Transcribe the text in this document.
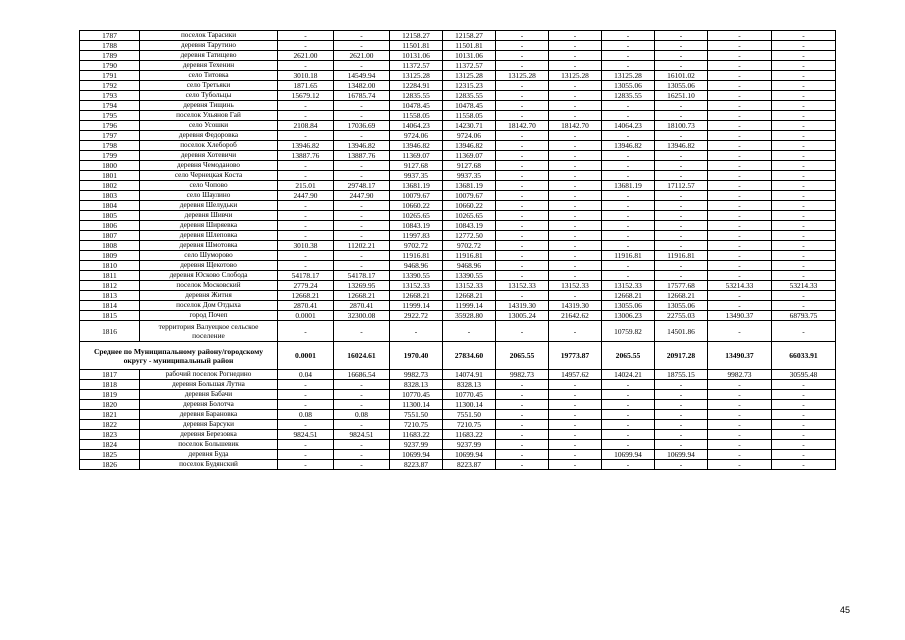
1787	поселок Тарасики	-	-	12158.27	12158.27	-	-	-	-	-	-
1788	деревня Тарутино	-	-	11501.81	11501.81	-	-	-	-	-	-
1789	деревня Татищево	2621.00	2621.00	10131.06	10131.06	-	-	-	-	-	-
1790	деревня Техенин	-	-	11372.57	11372.57	-	-	-	-	-	-
1791	село Титовка	3010.18	14549.94	13125.28	13125.28	13125.28	13125.28	13125.28	16101.02	-	-
1792	село Третьяки	1871.65	13482.00	12284.91	12315.23	-	-	13055.06	13055.06	-	-
1793	село Тубольцы	15679.12	16785.74	12835.55	12835.55	-	-	12835.55	16251.10	-	-
1794	деревня Тищинь	-	-	10478.45	10478.45	-	-	-	-	-	-
1795	поселок Ульянов Гай	-	-	11558.05	11558.05	-	-	-	-	-	-
1796	село Усошки	2108.84	17036.69	14064.23	14230.71	18142.70	18142.70	14064.23	18100.73	-	-
1797	деревня Федоровка	-	-	9724.06	9724.06	-	-	-	-	-	-
1798	поселок Хлебороб	13946.82	13946.82	13946.82	13946.82	-	-	13946.82	13946.82	-	-
1799	деревня Хотевичи	13887.76	13887.76	11369.07	11369.07	-	-	-	-	-	-
1800	деревня Чемоданово	-	-	9127.68	9127.68	-	-	-	-	-	-
1801	село Чернецкая Коста	-	-	9937.35	9937.35	-	-	-	-	-	-
1802	село Чопово	215.01	29748.17	13681.19	13681.19	-	-	13681.19	17112.57	-	-
1803	село Шаулино	2447.90	2447.90	10079.67	10079.67	-	-	-	-	-	-
1804	деревня Шелудьки	-	-	10660.22	10660.22	-	-	-	-	-	-
1805	деревня Шивчи	-	-	10265.65	10265.65	-	-	-	-	-	-
1806	деревня Ширяевка	-	-	10843.19	10843.19	-	-	-	-	-	-
1807	деревня Шлеповка	-	-	11997.83	12772.50	-	-	-	-	-	-
1808	деревня Шмотовка	3010.38	11202.21	9702.72	9702.72	-	-	-	-	-	-
1809	село Шуморово	-	-	11916.81	11916.81	-	-	11916.81	11916.81	-	-
1810	деревня Щекотово	-	-	9468.96	9468.96	-	-	-	-	-	-
1811	деревня Юсково Слобода	54178.17	54178.17	13390.55	13390.55	-	-	-	-	-	-
1812	поселок Московский	2779.24	13269.95	13152.33	13152.33	13152.33	13152.33	13152.33	17577.68	53214.33	53214.33
1813	деревня Житня	12668.21	12668.21	12668.21	12668.21	-	-	12668.21	12668.21	-	-
1814	поселок Дом Отдыха	2870.41	2870.41	11999.14	11999.14	14319.30	14319.30	13055.06	13055.06	-	-
1815	город Почеп	0.0001	32300.08	2922.72	35928.80	13005.24	21642.62	13006.23	22755.03	13490.37	68793.75
1816	территория Валуецкое сельское поселение	-	-	-	-	-	-	10759.82	14501.86	-	-
Среднее по Муниципальному району/городскому округу - муниципальный район		0.0001	16024.61	1970.40	27834.60	2065.55	19773.87	2065.55	20917.28	13490.37	66033.91
1817	рабочий поселок Рогнедино	0.04	16686.54	9982.73	14074.91	9982.73	14957.62	14024.21	18755.15	9982.73	30595.48
1818	деревня Большая Лутна	-	-	8328.13	8328.13	-	-	-	-	-	-
1819	деревня Бабачи	-	-	10770.45	10770.45	-	-	-	-	-	-
1820	деревня Болотча	-	-	11300.14	11300.14	-	-	-	-	-	-
1821	деревня Барановка	0.08	0.08	7551.50	7551.50	-	-	-	-	-	-
1822	деревня Барсуки	-	-	7210.75	7210.75	-	-	-	-	-	-
1823	деревня Березовка	9824.51	9824.51	11683.22	11683.22	-	-	-	-	-	-
1824	поселок Большевик	-	-	9237.99	9237.99	-	-	-	-	-	-
1825	деревня Буда	-	-	10699.94	10699.94	-	-	10699.94	10699.94	-	-
1826	поселок Будянский	-	-	8223.87	8223.87	-	-	-	-	-	-
45
